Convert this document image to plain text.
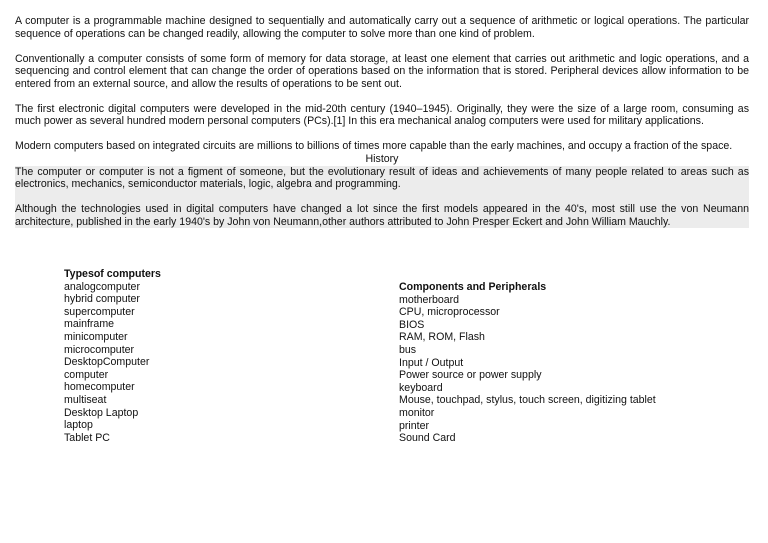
A computer is a programmable machine designed to sequentially and automatically carry out a sequence of arithmetic or logical operations. The particular sequence of operations can be changed readily, allowing the computer to solve more than one kind of problem.

Conventionally a computer consists of some form of memory for data storage, at least one element that carries out arithmetic and logic operations, and a sequencing and control element that can change the order of operations based on the information that is stored. Peripheral devices allow information to be entered from an external source, and allow the results of operations to be sent out.

The first electronic digital computers were developed in the mid-20th century (1940–1945). Originally, they were the size of a large room, consuming as much power as several hundred modern personal computers (PCs).[1] In this era mechanical analog computers were used for military applications.

Modern computers based on integrated circuits are millions to billions of times more capable than the early machines, and occupy a fraction of the space.

History

The computer or computer is not a figment of someone, but the evolutionary result of ideas and achievements of many people related to areas such as electronics, mechanics, semiconductor materials, logic, algebra and programming.

Although the technologies used in digital computers have changed a lot since the first models appeared in the 40's, most still use the von Neumann architecture, published in the early 1940's by John von Neumann,other authors attributed to John Presper Eckert and John William Mauchly.

Typesof computers
analogcomputer
hybrid computer
supercomputer
mainframe
minicomputer
microcomputer
DesktopComputer
computer
homecomputer
multiseat
Desktop Laptop
laptop
Tablet PC
Components and Peripherals
motherboard
CPU, microprocessor
BIOS
RAM, ROM, Flash
bus
Input / Output
Power source or power supply
keyboard
Mouse, touchpad, stylus, touch screen, digitizing tablet
monitor
printer
Sound Card
